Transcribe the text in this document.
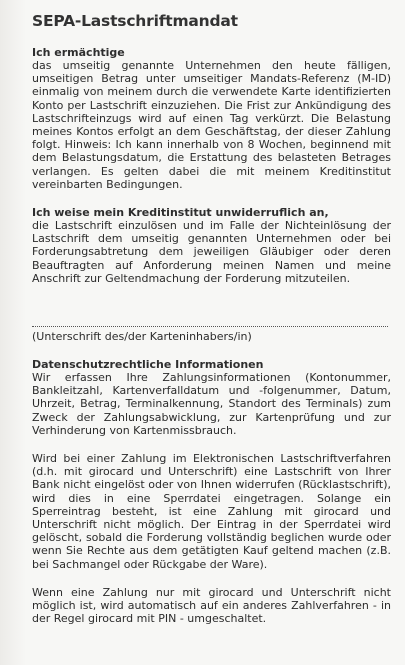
SEPA-Lastschriftmandat
Ich ermächtige

das umseitig genannte Unternehmen den heute fälligen, umseitigen Betrag unter umseitiger Mandats-Referenz (M-ID) einmalig von meinem durch die verwendete Karte identifizierten Konto per Lastschrift einzuziehen. Die Frist zur Ankündigung des Lastschrifteinzugs wird auf einen Tag verkürzt. Die Belastung meines Kontos erfolgt an dem Geschäftstag, der dieser Zahlung folgt. Hinweis: Ich kann innerhalb von 8 Wochen, beginnend mit dem Belastungsdatum, die Erstattung des belasteten Betrages verlangen. Es gelten dabei die mit meinem Kreditinstitut vereinbarten Bedingungen.

Ich weise mein Kreditinstitut unwiderruflich an,

die Lastschrift einzulösen und im Falle der Nichteinlösung der Lastschrift dem umseitig genannten Unternehmen oder bei Forderungsabtretung dem jeweiligen Gläubiger oder deren Beauftragten auf Anforderung meinen Namen und meine Anschrift zur Geltendmachung der Forderung mitzuteilen.

(Unterschrift des/der Karteninhabers/in)
Datenschutzrechtliche Informationen

Wir erfassen Ihre Zahlungsinformationen (Kontonummer, Bankleitzahl, Kartenverfalldatum und -folgenummer, Datum, Uhrzeit, Betrag, Terminalkennung, Standort des Terminals) zum Zweck der Zahlungsabwicklung, zur Kartenprüfung und zur Verhinderung von Kartenmissbrauch.

Wird bei einer Zahlung im Elektronischen Lastschriftverfahren (d.h. mit girocard und Unterschrift) eine Lastschrift von Ihrer Bank nicht eingelöst oder von Ihnen widerrufen (Rücklastschrift), wird dies in eine Sperrdatei eingetragen. Solange ein Sperreintrag besteht, ist eine Zahlung mit girocard und Unterschrift nicht möglich. Der Eintrag in der Sperrdatei wird gelöscht, sobald die Forderung vollständig beglichen wurde oder wenn Sie Rechte aus dem getätigten Kauf geltend machen (z.B. bei Sachmangel oder Rückgabe der Ware).

Wenn eine Zahlung nur mit girocard und Unterschrift nicht möglich ist, wird automatisch auf ein anderes Zahlverfahren - in der Regel girocard mit PIN - umgeschaltet.
